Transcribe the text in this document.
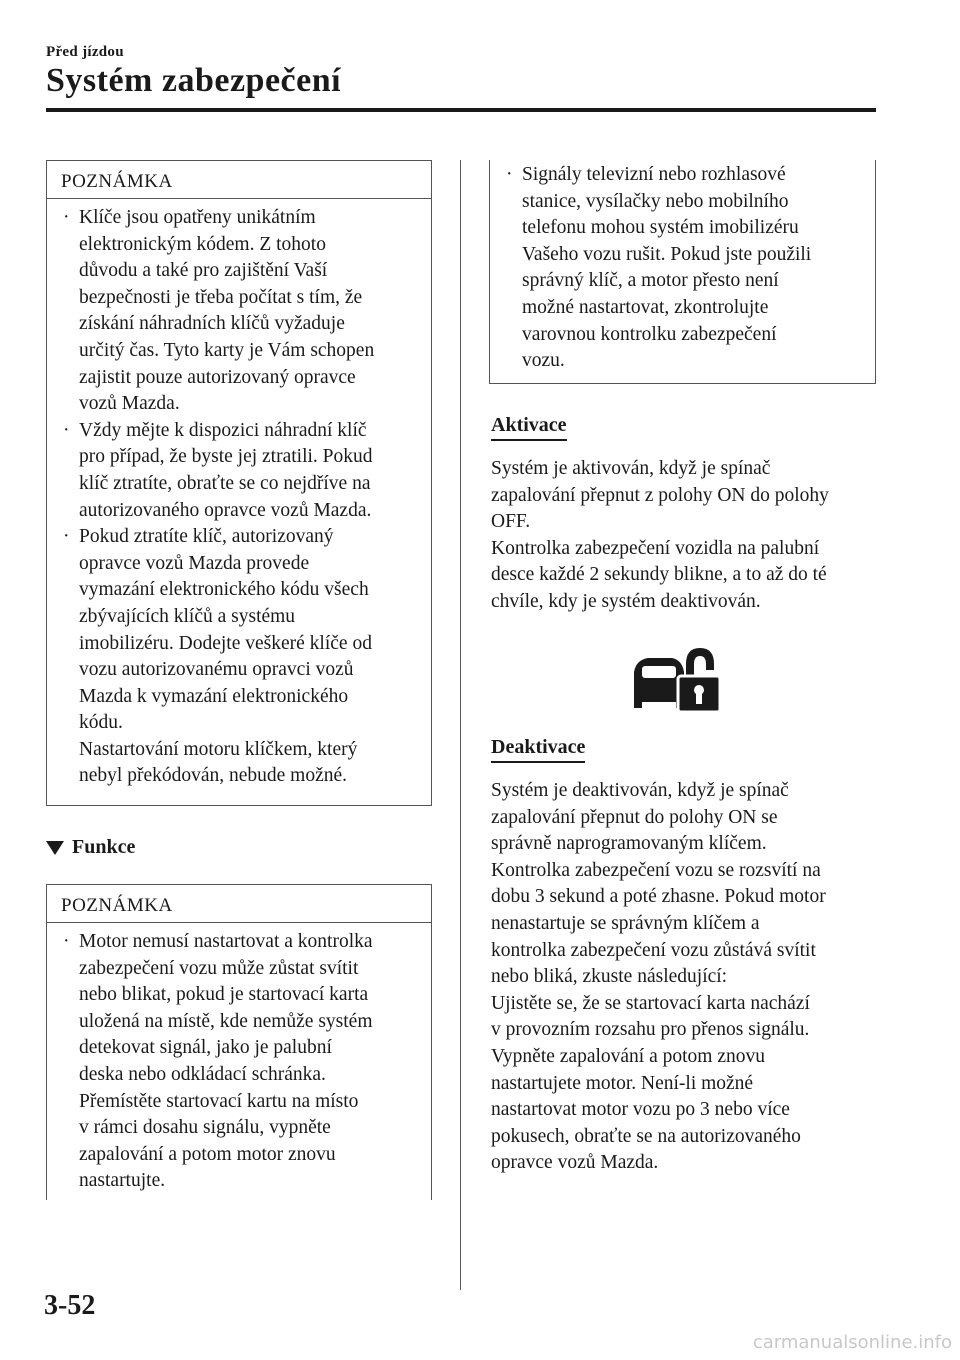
Před jízdou
Systém zabezpečení
POZNÁMKA
· Klíče jsou opatřeny unikátním
elektronickým kódem. Z tohoto
důvodu a také pro zajištění Vaší
bezpečnosti je třeba počítat s tím, že
získání náhradních klíčů vyžaduje
určitý čas. Tyto karty je Vám schopen
zajistit pouze autorizovaný opravce
vozů Mazda.
· Vždy mějte k dispozici náhradní klíč
pro případ, že byste jej ztratili. Pokud
klíč ztratíte, obraťte se co nejdříve na
autorizovaného opravce vozů Mazda.
· Pokud ztratíte klíč, autorizovaný
opravce vozů Mazda provede
vymazání elektronického kódu všech
zbývajících klíčů a systému
imobilizéru. Dodejte veškeré klíče od
vozu autorizovanému opravci vozů
Mazda k vymazání elektronického
kódu.
Nastartování motoru klíčkem, který
nebyl překódován, nebude možné.
Funkce
POZNÁMKA
· Motor nemusí nastartovat a kontrolka
zabezpečení vozu může zůstat svítit
nebo blikat, pokud je startovací karta
uložená na místě, kde nemůže systém
detekovat signál, jako je palubní
deska nebo odkládací schránka.
Přemístěte startovací kartu na místo
v rámci dosahu signálu, vypněte
zapalování a potom motor znovu
nastartujte.
· Signály televizní nebo rozhlasové
stanice, vysílačky nebo mobilního
telefonu mohou systém imobilizéru
Vašeho vozu rušit. Pokud jste použili
správný klíč, a motor přesto není
možné nastartovat, zkontrolujte
varovnou kontrolku zabezpečení
vozu.
Aktivace
Systém je aktivován, když je spínač
zapalování přepnut z polohy ON do polohy
OFF.
Kontrolka zabezpečení vozidla na palubní
desce každé 2 sekundy blikne, a to až do té
chvíle, kdy je systém deaktivován.
Deaktivace
Systém je deaktivován, když je spínač
zapalování přepnut do polohy ON se
správně naprogramovaným klíčem.
Kontrolka zabezpečení vozu se rozsvítí na
dobu 3 sekund a poté zhasne. Pokud motor
nenastartuje se správným klíčem a
kontrolka zabezpečení vozu zůstává svítit
nebo bliká, zkuste následující:
Ujistěte se, že se startovací karta nachází
v provozním rozsahu pro přenos signálu.
Vypněte zapalování a potom znovu
nastartujete motor. Není-li možné
nastartovat motor vozu po 3 nebo více
pokusech, obraťte se na autorizovaného
opravce vozů Mazda.
3-52
carmanualsonline.info
